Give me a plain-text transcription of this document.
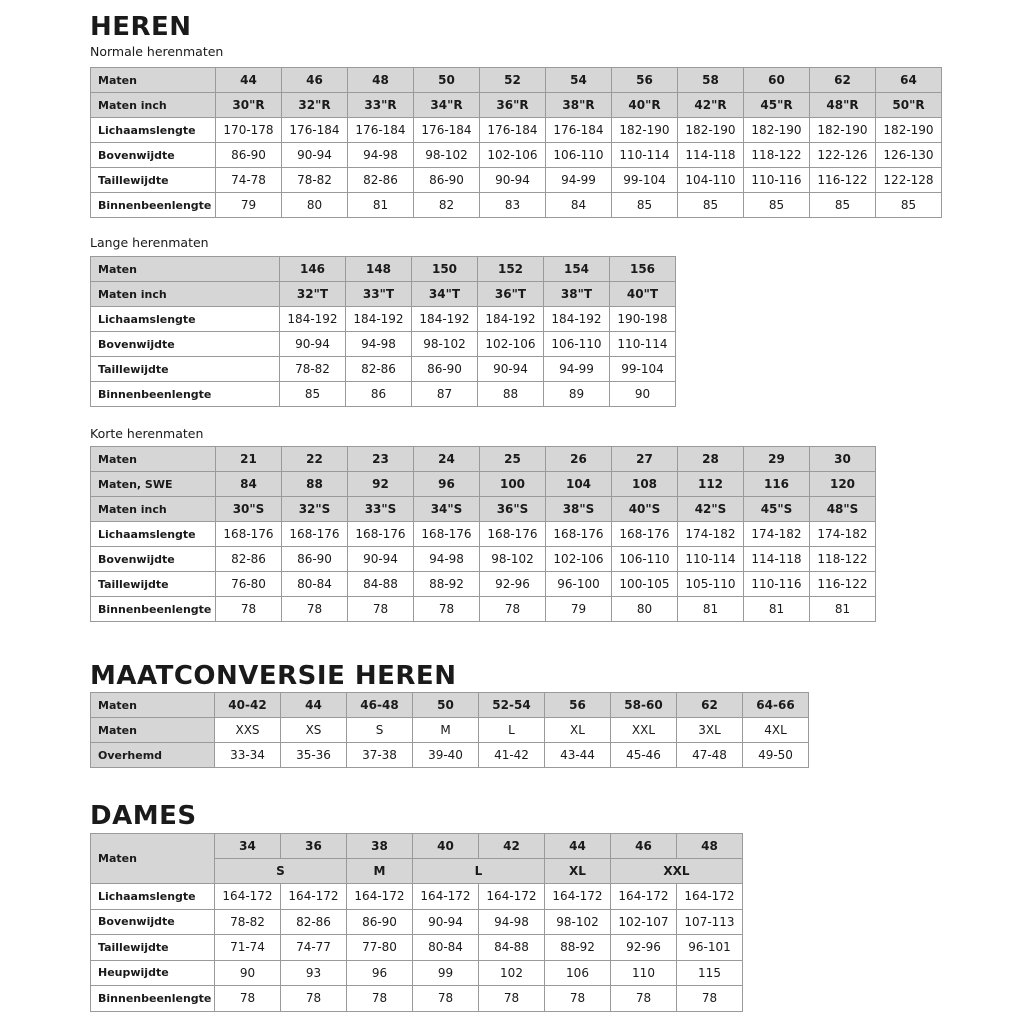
HEREN
Normale herenmaten
Maten	44	46	48	50	52	54	56	58	60	62	64
Maten inch	30"R	32"R	33"R	34"R	36"R	38"R	40"R	42"R	45"R	48"R	50"R
Lichaamslengte	170-178	176-184	176-184	176-184	176-184	176-184	182-190	182-190	182-190	182-190	182-190
Bovenwijdte	86-90	90-94	94-98	98-102	102-106	106-110	110-114	114-118	118-122	122-126	126-130
Taillewijdte	74-78	78-82	82-86	86-90	90-94	94-99	99-104	104-110	110-116	116-122	122-128
Binnenbeenlengte	79	80	81	82	83	84	85	85	85	85	85
Lange herenmaten
Maten	146	148	150	152	154	156
Maten inch	32"T	33"T	34"T	36"T	38"T	40"T
Lichaamslengte	184-192	184-192	184-192	184-192	184-192	190-198
Bovenwijdte	90-94	94-98	98-102	102-106	106-110	110-114
Taillewijdte	78-82	82-86	86-90	90-94	94-99	99-104
Binnenbeenlengte	85	86	87	88	89	90
Korte herenmaten
Maten	21	22	23	24	25	26	27	28	29	30
Maten, SWE	84	88	92	96	100	104	108	112	116	120
Maten inch	30"S	32"S	33"S	34"S	36"S	38"S	40"S	42"S	45"S	48"S
Lichaamslengte	168-176	168-176	168-176	168-176	168-176	168-176	168-176	174-182	174-182	174-182
Bovenwijdte	82-86	86-90	90-94	94-98	98-102	102-106	106-110	110-114	114-118	118-122
Taillewijdte	76-80	80-84	84-88	88-92	92-96	96-100	100-105	105-110	110-116	116-122
Binnenbeenlengte	78	78	78	78	78	79	80	81	81	81
MAATCONVERSIE HEREN
Maten	40-42	44	46-48	50	52-54	56	58-60	62	64-66
Maten	XXS	XS	S	M	L	XL	XXL	3XL	4XL
Overhemd	33-34	35-36	37-38	39-40	41-42	43-44	45-46	47-48	49-50
DAMES
Maten	34	36	38	40	42	44	46	48
	S		M	L		XL	XXL	
Lichaamslengte	164-172	164-172	164-172	164-172	164-172	164-172	164-172	164-172
Bovenwijdte	78-82	82-86	86-90	90-94	94-98	98-102	102-107	107-113
Taillewijdte	71-74	74-77	77-80	80-84	84-88	88-92	92-96	96-101
Heupwijdte	90	93	96	99	102	106	110	115
Binnenbeenlengte	78	78	78	78	78	78	78	78
